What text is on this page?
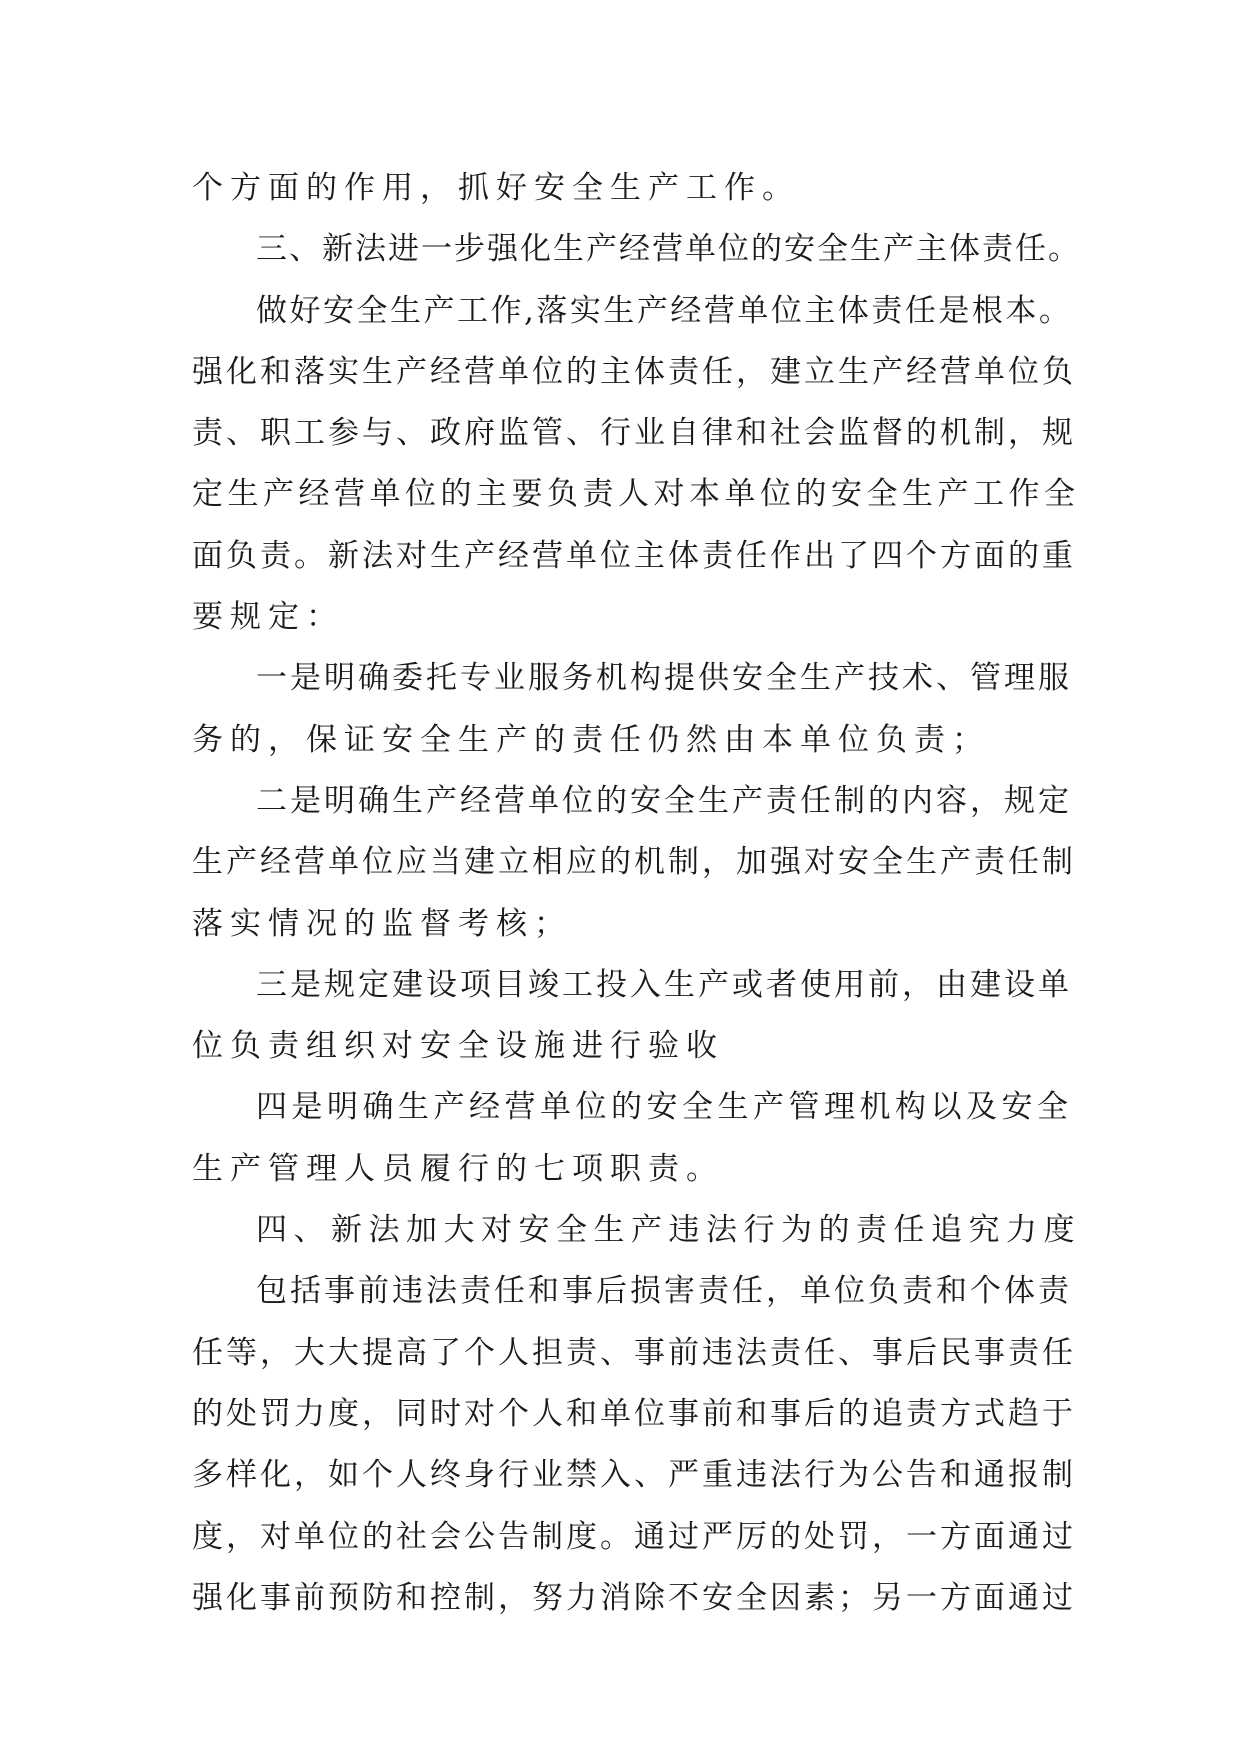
个方面的作用，抓好安全生产工作。
三、新法进一步强化生产经营单位的安全生产主体责任。
做好安全生产工作,落实生产经营单位主体责任是根本。
强化和落实生产经营单位的主体责任，建立生产经营单位负
责、职工参与、政府监管、行业自律和社会监督的机制，规
定生产经营单位的主要负责人对本单位的安全生产工作全
面负责。新法对生产经营单位主体责任作出了四个方面的重
要规定：
一是明确委托专业服务机构提供安全生产技术、管理服
务的，保证安全生产的责任仍然由本单位负责；
二是明确生产经营单位的安全生产责任制的内容，规定
生产经营单位应当建立相应的机制，加强对安全生产责任制
落实情况的监督考核；
三是规定建设项目竣工投入生产或者使用前，由建设单
位负责组织对安全设施进行验收
四是明确生产经营单位的安全生产管理机构以及安全
生产管理人员履行的七项职责。
四、新法加大对安全生产违法行为的责任追究力度
包括事前违法责任和事后损害责任，单位负责和个体责
任等，大大提高了个人担责、事前违法责任、事后民事责任
的处罚力度，同时对个人和单位事前和事后的追责方式趋于
多样化，如个人终身行业禁入、严重违法行为公告和通报制
度，对单位的社会公告制度。通过严厉的处罚，一方面通过
强化事前预防和控制，努力消除不安全因素；另一方面通过
